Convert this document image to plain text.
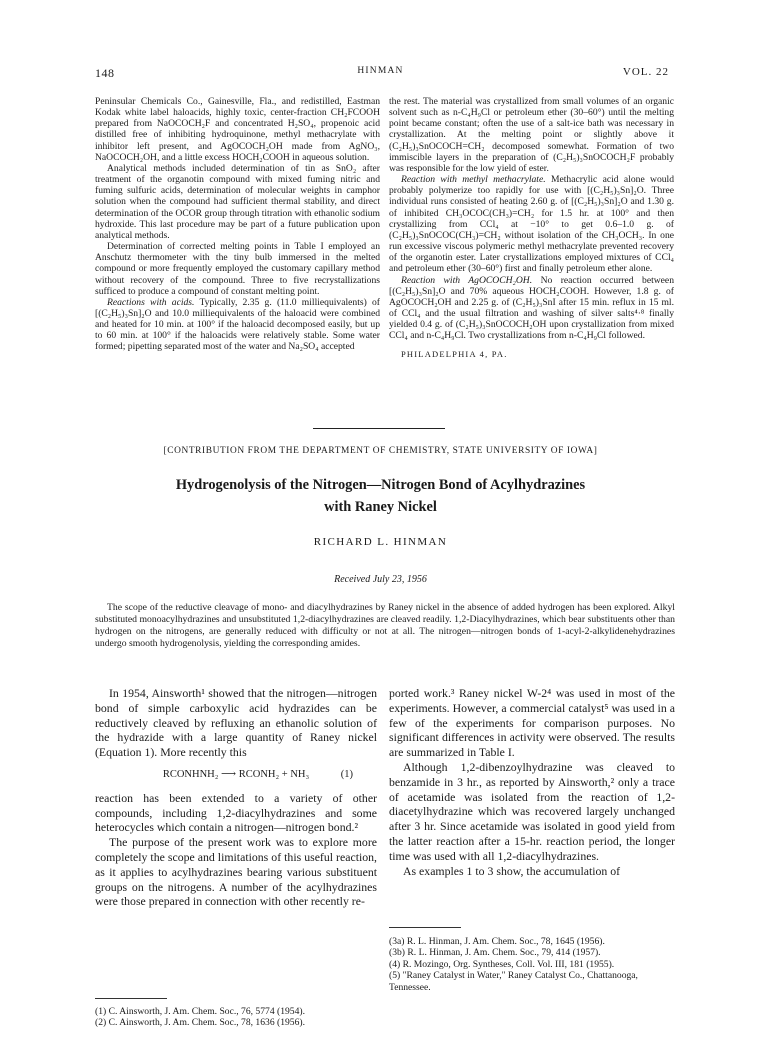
148	HINMAN	VOL. 22

Peninsular Chemicals Co., Gainesville, Fla., and redistilled, Eastman Kodak white label haloacids, highly toxic, center-fraction CH₂FCOOH prepared from NaOCOCH₂F and concentrated H₂SO₄, propenoic acid distilled free of inhibiting hydroquinone, methyl methacrylate with inhibitor left present, and AgOCOCH₂OH made from AgNO₃, NaOCOCH₂OH, and a little excess HOCH₂COOH in aqueous solution.

Analytical methods included determination of tin as SnO₂ after treatment of the organotin compound with mixed fuming nitric and fuming sulfuric acids, determination of molecular weights in camphor solution when the compound had sufficient thermal stability, and direct determination of the OCOR group through titration with ethanolic sodium hydroxide. This last procedure may be part of a future publication upon analytical methods.

Determination of corrected melting points in Table I employed an Anschutz thermometer with the tiny bulb immersed in the melted compound or more frequently employed the customary capillary method without recovery of the compound. Three to five recrystallizations sufficed to produce a compound of constant melting point.

Reactions with acids. Typically, 2.35 g. (11.0 milliequivalents) of [(C₂H₅)₃Sn]₂O and 10.0 milliequivalents of the haloacid were combined and heated for 10 min. at 100° if the haloacid decomposed easily, but up to 60 min. at 100° if the haloacids were relatively stable. Some water formed; pipetting separated most of the water and Na₂SO₄ accepted

the rest. The material was crystallized from small volumes of an organic solvent such as n-C₄H₉Cl or petroleum ether (30–60°) until the melting point became constant; often the use of a salt-ice bath was necessary in crystallization. At the melting point or slightly above it (C₂H₅)₃SnOCOCH=CH₂ decomposed somewhat. Formation of two immiscible layers in the preparation of (C₂H₅)₃SnOCOCH₂F probably was responsible for the low yield of ester.

Reaction with methyl methacrylate. Methacrylic acid alone would probably polymerize too rapidly for use with [(C₂H₅)₃Sn]₂O. Three individual runs consisted of heating 2.60 g. of [(C₂H₅)₃Sn]₂O and 1.30 g. of inhibited CH₃OCOC(CH₃)=CH₂ for 1.5 hr. at 100° and then crystallizing from CCl₄ at −10° to get 0.6–1.0 g. of (C₂H₅)₃SnOCOC(CH₃)=CH₂ without isolation of the CH₃OCH₃. In one run excessive viscous polymeric methyl methacrylate prevented recovery of the organotin ester. Later crystallizations employed mixtures of CCl₄ and petroleum ether (30–60°) first and finally petroleum ether alone.

Reaction with AgOCOCH₂OH. No reaction occurred between [(C₂H₅)₃Sn]₂O and 70% aqueous HOCH₂COOH. However, 1.8 g. of AgOCOCH₂OH and 2.25 g. of (C₂H₅)₃SnI after 15 min. reflux in 15 ml. of CCl₄ and the usual filtration and washing of silver salts⁴·⁸ finally yielded 0.4 g. of (C₂H₅)₃SnOCOCH₂OH upon crystallization from mixed CCl₄ and n-C₄H₉Cl. Two crystallizations from n-C₄H₉Cl followed.

PHILADELPHIA 4, PA.

[CONTRIBUTION FROM THE DEPARTMENT OF CHEMISTRY, STATE UNIVERSITY OF IOWA]
Hydrogenolysis of the Nitrogen—Nitrogen Bond of Acylhydrazines
with Raney Nickel
RICHARD L. HINMAN
Received July 23, 1956

The scope of the reductive cleavage of mono- and diacylhydrazines by Raney nickel in the absence of added hydrogen has been explored. Alkyl substituted monoacylhydrazines and unsubstituted 1,2-diacylhydrazines are cleaved readily. 1,2-Diacylhydrazines, which bear substituents other than hydrogen on the nitrogens, are generally reduced with difficulty or not at all. The nitrogen—nitrogen bonds of 1-acyl-2-alkylidenehydrazines undergo smooth hydrogenolysis, yielding the corresponding amides.

In 1954, Ainsworth¹ showed that the nitrogen—nitrogen bond of simple carboxylic acid hydrazides can be reductively cleaved by refluxing an ethanolic solution of the hydrazide with a large quantity of Raney nickel (Equation 1). More recently this

RCONHNH₂ ⟶ RCONH₂ + NH₃	(1)

reaction has been extended to a variety of other compounds, including 1,2-diacylhydrazines and some heterocycles which contain a nitrogen—nitrogen bond.²

The purpose of the present work was to explore more completely the scope and limitations of this useful reaction, as it applies to acylhydrazines bearing various substituent groups on the nitrogens. A number of the acylhydrazines were those prepared in connection with other recently re-

ported work.³ Raney nickel W-2⁴ was used in most of the experiments. However, a commercial catalyst⁵ was used in a few of the experiments for comparison purposes. No significant differences in activity were observed. The results are summarized in Table I.

Although 1,2-dibenzoylhydrazine was cleaved to benzamide in 3 hr., as reported by Ainsworth,² only a trace of acetamide was isolated from the reaction of 1,2-diacetylhydrazine which was recovered largely unchanged after 3 hr. Since acetamide was isolated in good yield from the latter reaction after a 15-hr. reaction period, the longer time was used with all 1,2-diacylhydrazines.

As examples 1 to 3 show, the accumulation of

(1) C. Ainsworth, J. Am. Chem. Soc., 76, 5774 (1954).

(2) C. Ainsworth, J. Am. Chem. Soc., 78, 1636 (1956).

(3a) R. L. Hinman, J. Am. Chem. Soc., 78, 1645 (1956).

(3b) R. L. Hinman, J. Am. Chem. Soc., 79, 414 (1957).

(4) R. Mozingo, Org. Syntheses, Coll. Vol. III, 181 (1955).

(5) "Raney Catalyst in Water," Raney Catalyst Co., Chattanooga, Tennessee.
